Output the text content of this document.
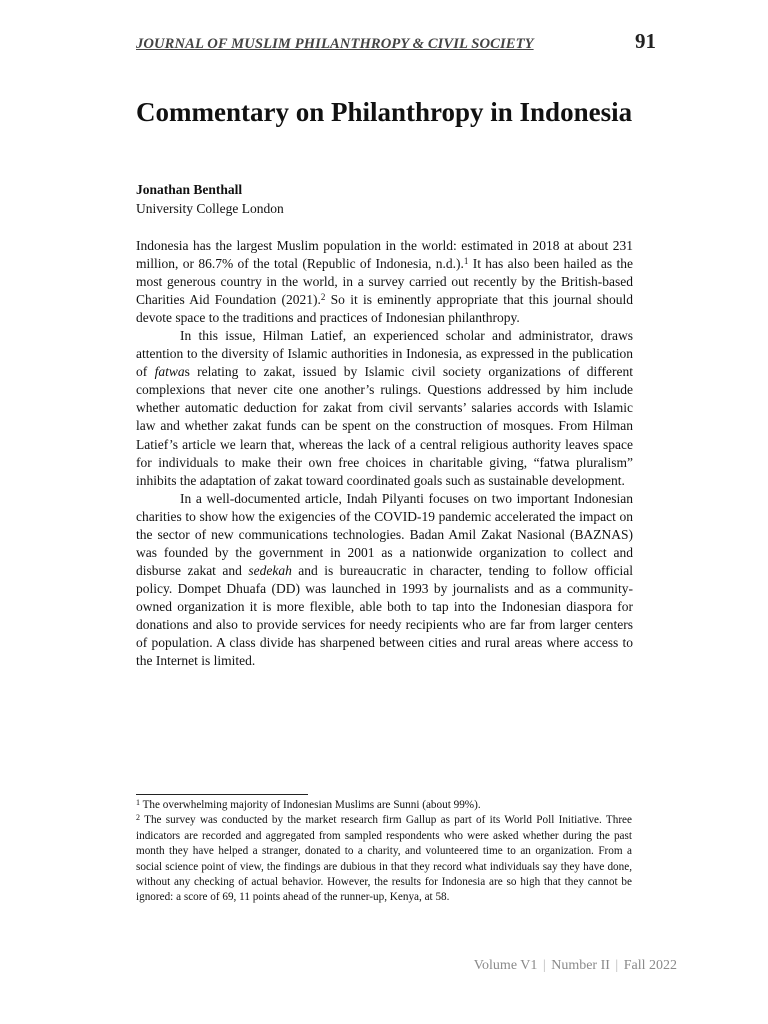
JOURNAL OF MUSLIM PHILANTHROPY & CIVIL SOCIETY	91
Commentary on Philanthropy in Indonesia
Jonathan Benthall
University College London

Indonesia has the largest Muslim population in the world: estimated in 2018 at about 231 million, or 86.7% of the total (Republic of Indonesia, n.d.).$^1$ It has also been hailed as the most generous country in the world, in a survey carried out recently by the British-based Charities Aid Foundation (2021).$^2$ So it is eminently appropriate that this journal should devote space to the traditions and practices of Indonesian philanthropy.

In this issue, Hilman Latief, an experienced scholar and administrator, draws attention to the diversity of Islamic authorities in Indonesia, as expressed in the publication of fatwas relating to zakat, issued by Islamic civil society organizations of different complexions that never cite one another’s rulings. Questions addressed by him include whether automatic deduction for zakat from civil servants’ salaries accords with Islamic law and whether zakat funds can be spent on the construction of mosques. From Hilman Latief’s article we learn that, whereas the lack of a central religious authority leaves space for individuals to make their own free choices in charitable giving, “fatwa pluralism” inhibits the adaptation of zakat toward coordinated goals such as sustainable development.

In a well-documented article, Indah Pilyanti focuses on two important Indonesian charities to show how the exigencies of the COVID-19 pandemic accelerated the impact on the sector of new communications technologies. Badan Amil Zakat Nasional (BAZNAS) was founded by the government in 2001 as a nationwide organization to collect and disburse zakat and sedekah and is bureaucratic in character, tending to follow official policy. Dompet Dhuafa (DD) was launched in 1993 by journalists and as a community-owned organization it is more flexible, able both to tap into the Indonesian diaspora for donations and also to provide services for needy recipients who are far from larger centers of population. A class divide has sharpened between cities and rural areas where access to the Internet is limited.

$^1$ The overwhelming majority of Indonesian Muslims are Sunni (about 99%).

$^2$ The survey was conducted by the market research firm Gallup as part of its World Poll Initiative. Three indicators are recorded and aggregated from sampled respondents who were asked whether during the past month they have helped a stranger, donated to a charity, and volunteered time to an organization. From a social science point of view, the findings are dubious in that they record what individuals say they have done, without any checking of actual behavior. However, the results for Indonesia are so high that they cannot be ignored: a score of 69, 11 points ahead of the runner-up, Kenya, at 58.

Volume V1 | Number II | Fall 2022
